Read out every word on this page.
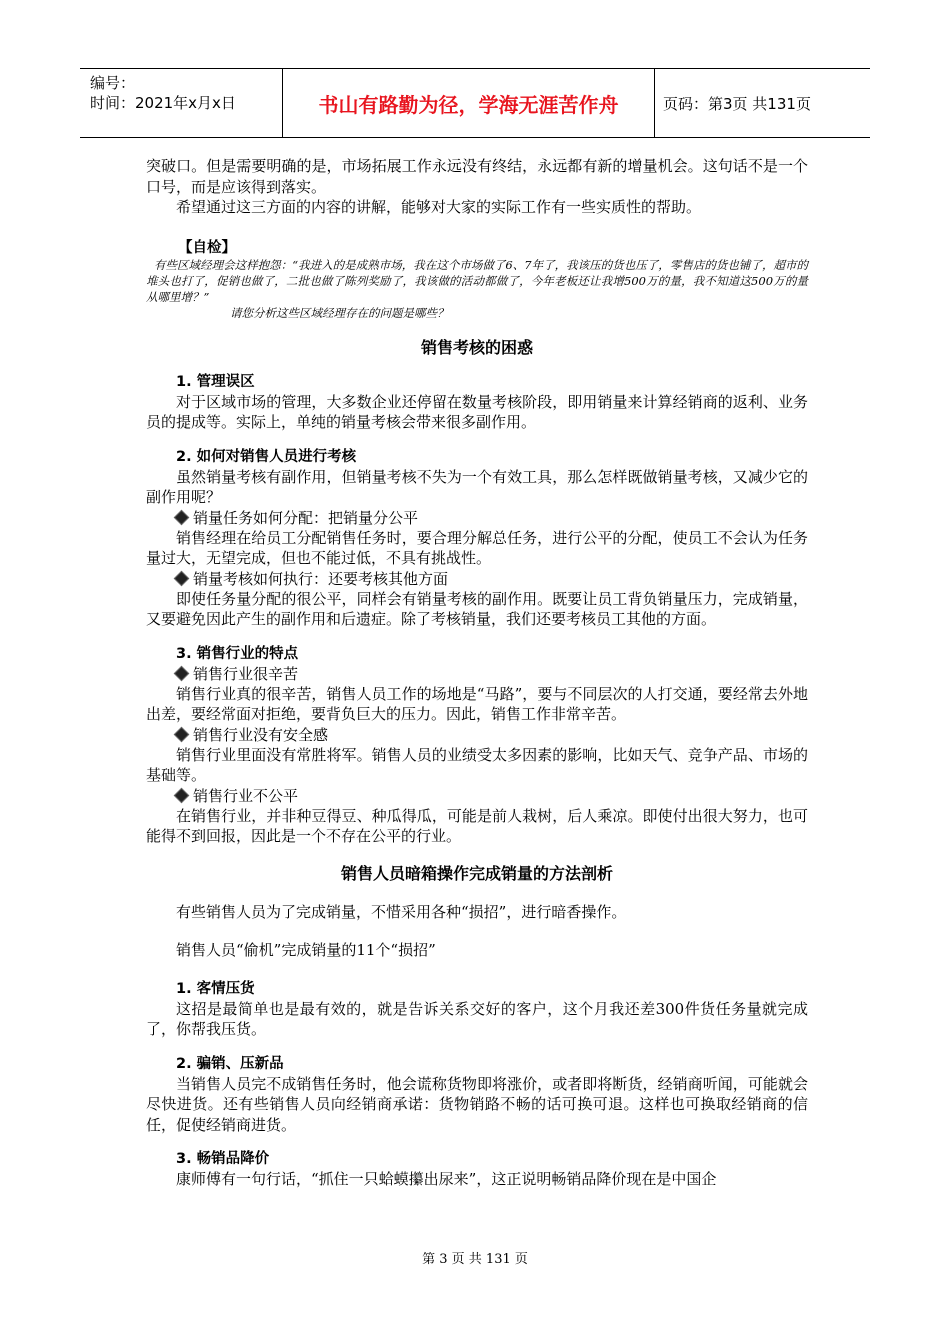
编号：
时间：2021年x月x日	书山有路勤为径，学海无涯苦作舟	页码：第3页 共131页

突破口。但是需要明确的是，市场拓展工作永远没有终结，永远都有新的增量机会。这句话不是一个口号，而是应该得到落实。

希望通过这三方面的内容的讲解，能够对大家的实际工作有一些实质性的帮助。

【自检】

有些区域经理会这样抱怨：“我进入的是成熟市场，我在这个市场做了6、7年了，我该压的货也压了，零售店的货也铺了，超市的堆头也打了，促销也做了，二批也做了陈列奖励了，我该做的活动都做了，今年老板还让我增500万的量，我不知道这500万的量从哪里增？”

请您分析这些区域经理存在的问题是哪些？

销售考核的困惑
1. 管理误区

对于区域市场的管理，大多数企业还停留在数量考核阶段，即用销量来计算经销商的返利、业务员的提成等。实际上，单纯的销量考核会带来很多副作用。

2. 如何对销售人员进行考核

虽然销量考核有副作用，但销量考核不失为一个有效工具，那么怎样既做销量考核，又减少它的副作用呢？

销量任务如何分配：把销量分公平

销售经理在给员工分配销售任务时，要合理分解总任务，进行公平的分配，使员工不会认为任务量过大，无望完成，但也不能过低，不具有挑战性。

销量考核如何执行：还要考核其他方面

即使任务量分配的很公平，同样会有销量考核的副作用。既要让员工背负销量压力，完成销量，又要避免因此产生的副作用和后遗症。除了考核销量，我们还要考核员工其他的方面。

3. 销售行业的特点
销售行业很辛苦

销售行业真的很辛苦，销售人员工作的场地是“马路”，要与不同层次的人打交通，要经常去外地出差，要经常面对拒绝，要背负巨大的压力。因此，销售工作非常辛苦。

销售行业没有安全感

销售行业里面没有常胜将军。销售人员的业绩受太多因素的影响，比如天气、竞争产品、市场的基础等。

销售行业不公平

在销售行业，并非种豆得豆、种瓜得瓜，可能是前人栽树，后人乘凉。即使付出很大努力，也可能得不到回报，因此是一个不存在公平的行业。

销售人员暗箱操作完成销量的方法剖析

有些销售人员为了完成销量，不惜采用各种“损招”，进行暗香操作。

销售人员“偷机”完成销量的11个“损招”

1. 客情压货

这招是最简单也是最有效的，就是告诉关系交好的客户，这个月我还差300件货任务量就完成了，你帮我压货。

2. 骗销、压新品

当销售人员完不成销售任务时，他会谎称货物即将涨价，或者即将断货，经销商听闻，可能就会尽快进货。还有些销售人员向经销商承诺：货物销路不畅的话可换可退。这样也可换取经销商的信任，促使经销商进货。

3. 畅销品降价

康师傅有一句行话，“抓住一只蛤蟆攥出尿来”，这正说明畅销品降价现在是中国企

第 3 页 共 131 页
